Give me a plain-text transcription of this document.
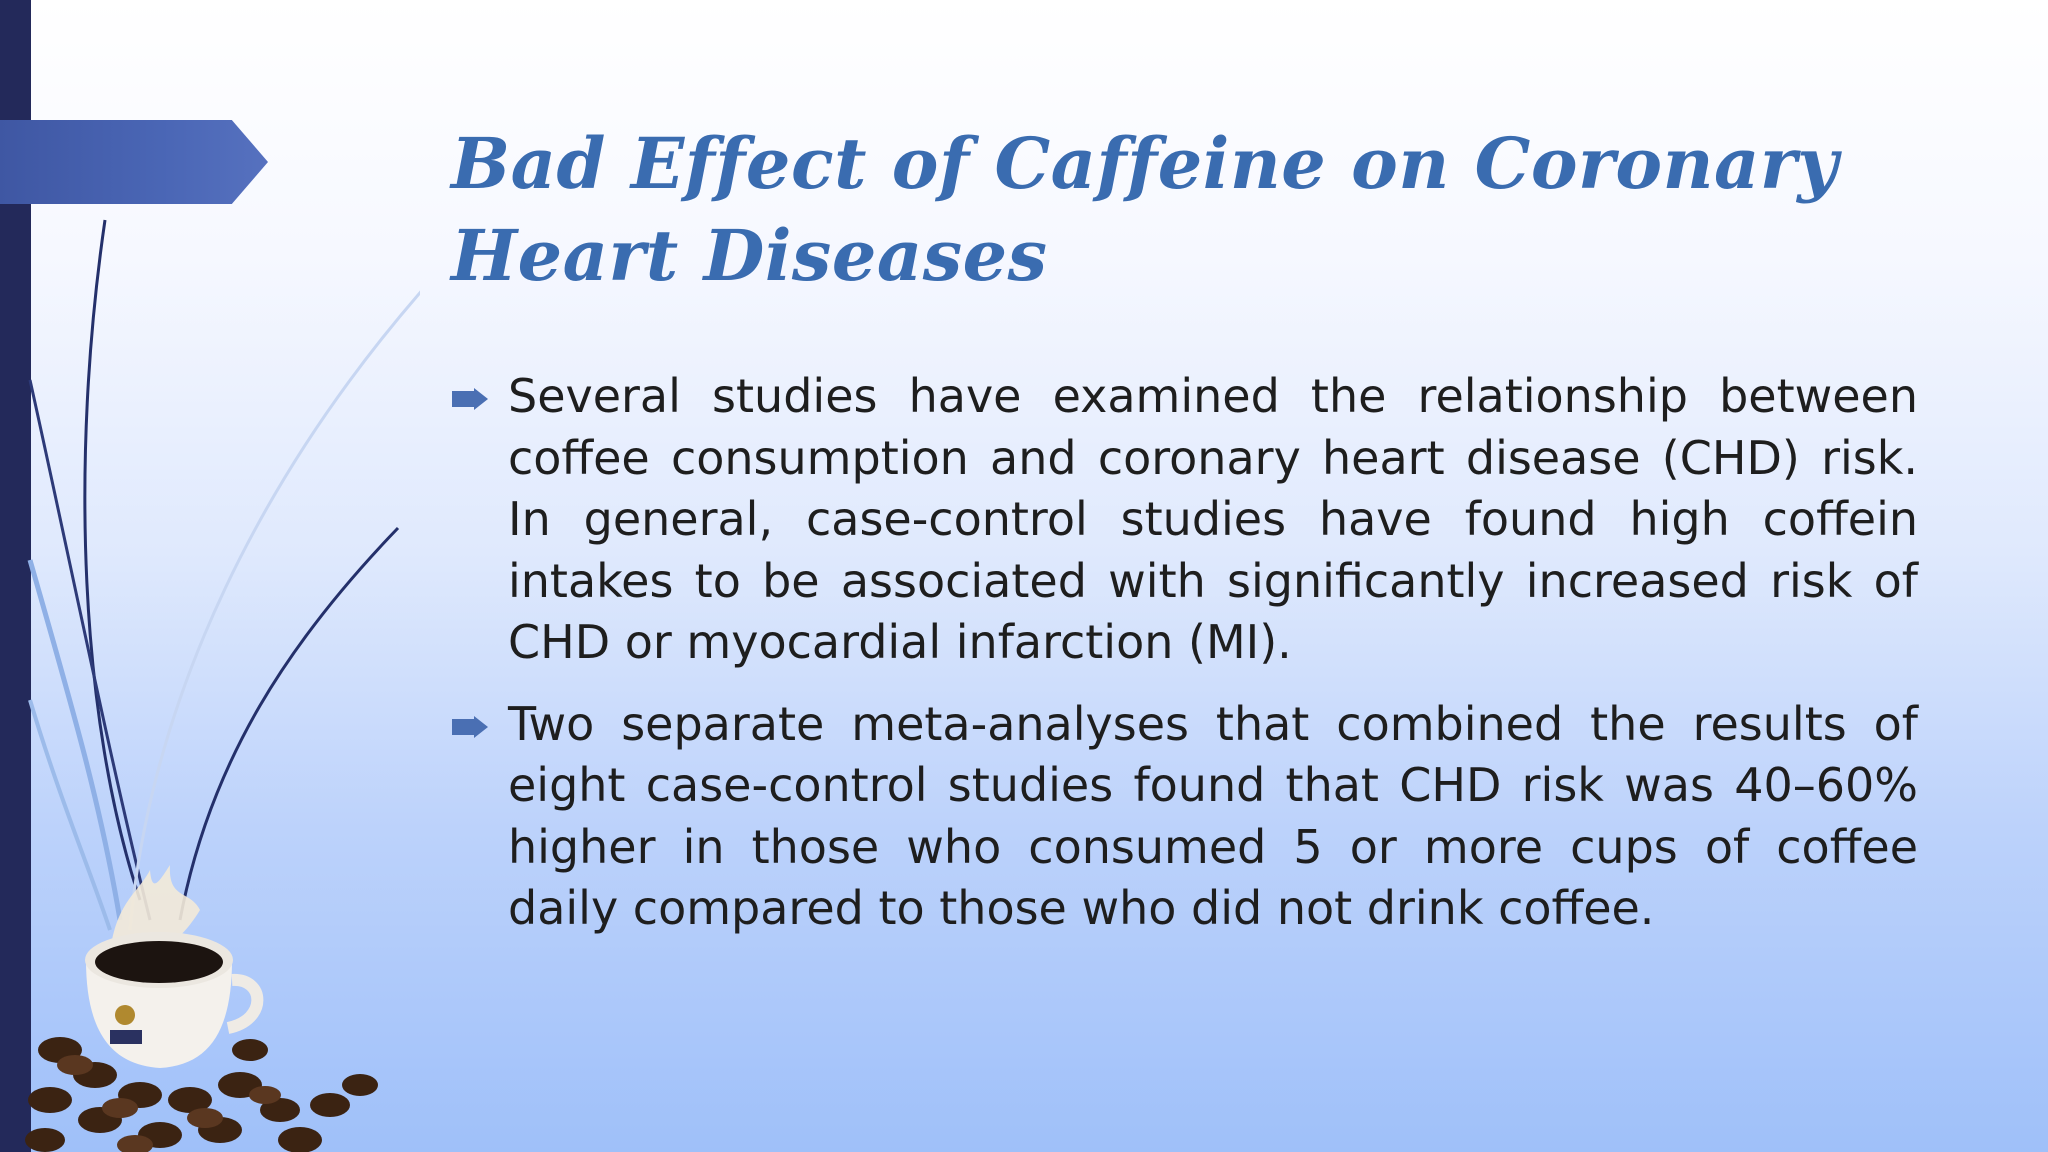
Bad Effect of Caffeine on Coronary Heart Diseases
Several studies have examined the relationship between coffee consumption and coronary heart disease (CHD) risk. In general, case-control studies have found high coffein intakes to be associated with significantly increased risk of CHD or myocardial infarction (MI).
Two separate meta-analyses that combined the results of eight case-control studies found that CHD risk was 40–60% higher in those who consumed 5 or more cups of coffee daily compared to those who did not drink coffee.
